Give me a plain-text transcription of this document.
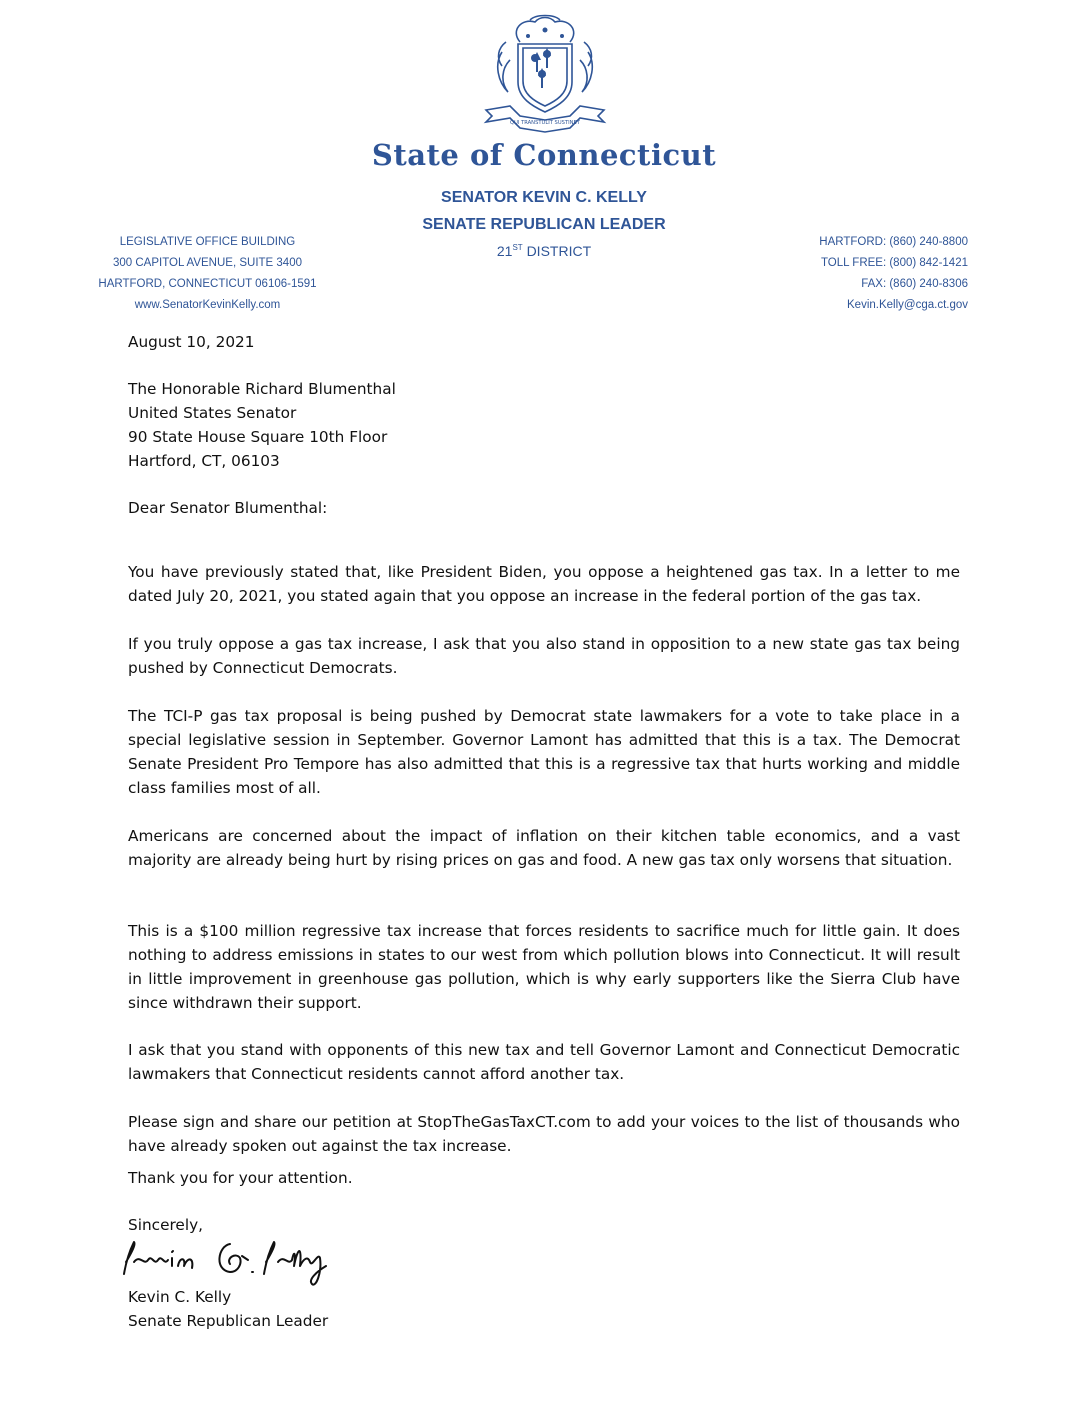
QUI TRANSTULIT SUSTINET
State of Connecticut
SENATOR KEVIN C. KELLY
SENATE REPUBLICAN LEADER
21ST DISTRICT
LEGISLATIVE OFFICE BUILDING
300 CAPITOL AVENUE, SUITE 3400
HARTFORD, CONNECTICUT 06106-1591
www.SenatorKevinKelly.com
HARTFORD: (860) 240-8800
TOLL FREE: (800) 842-1421
FAX: (860) 240-8306
Kevin.Kelly@cga.ct.gov
August 10, 2021
The Honorable Richard Blumenthal
United States Senator
90 State House Square 10th Floor
Hartford, CT, 06103
Dear Senator Blumenthal:

You have previously stated that, like President Biden, you oppose a heightened gas tax. In a letter to me dated July 20, 2021, you stated again that you oppose an increase in the federal portion of the gas tax.

If you truly oppose a gas tax increase, I ask that you also stand in opposition to a new state gas tax being pushed by Connecticut Democrats.

The TCI-P gas tax proposal is being pushed by Democrat state lawmakers for a vote to take place in a special legislative session in September. Governor Lamont has admitted that this is a tax. The Democrat Senate President Pro Tempore has also admitted that this is a regressive tax that hurts working and middle class families most of all.

Americans are concerned about the impact of inflation on their kitchen table economics, and a vast majority are already being hurt by rising prices on gas and food. A new gas tax only worsens that situation.

This is a $100 million regressive tax increase that forces residents to sacrifice much for little gain. It does nothing to address emissions in states to our west from which pollution blows into Connecticut. It will result in little improvement in greenhouse gas pollution, which is why early supporters like the Sierra Club have since withdrawn their support.

I ask that you stand with opponents of this new tax and tell Governor Lamont and Connecticut Democratic lawmakers that Connecticut residents cannot afford another tax.

Please sign and share our petition at StopTheGasTaxCT.com to add your voices to the list of thousands who have already spoken out against the tax increase.

Thank you for your attention.
Sincerely,
Kevin C. Kelly
Senate Republican Leader
